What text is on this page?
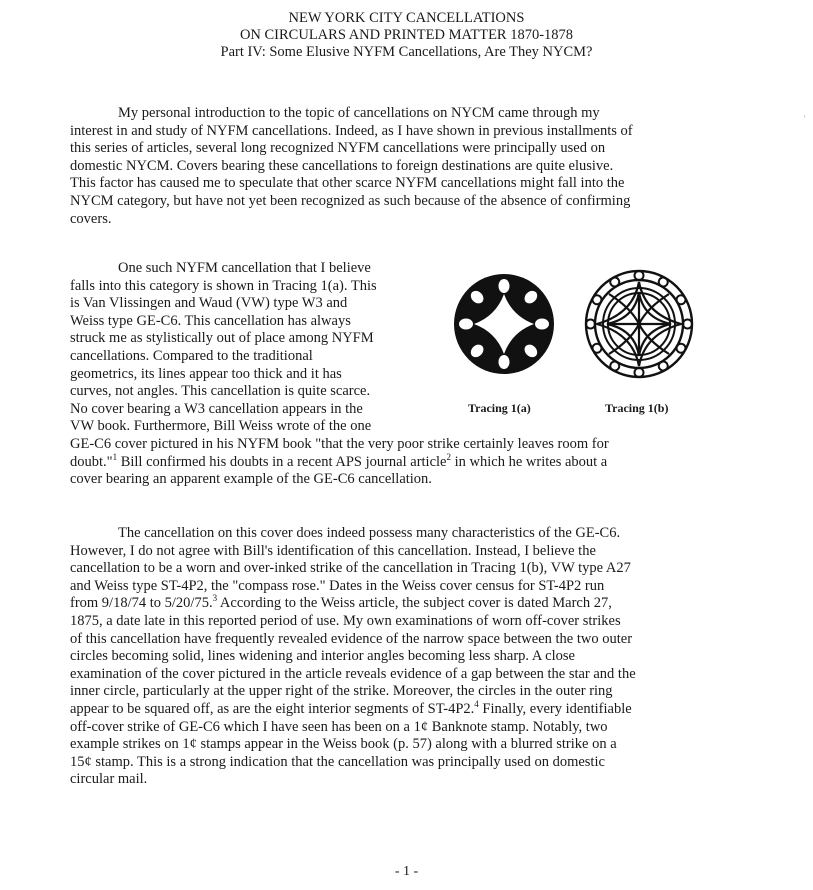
NEW YORK CITY CANCELLATIONS
ON CIRCULARS AND PRINTED MATTER 1870-1878
Part IV: Some Elusive NYFM Cancellations, Are They NYCM?
My personal introduction to the topic of cancellations on NYCM came through my
interest in and study of NYFM cancellations. Indeed, as I have shown in previous installments of
this series of articles, several long recognized NYFM cancellations were principally used on
domestic NYCM. Covers bearing these cancellations to foreign destinations are quite elusive.
This factor has caused me to speculate that other scarce NYFM cancellations might fall into the
NYCM category, but have not yet been recognized as such because of the absence of confirming
covers.
One such NYFM cancellation that I believe
falls into this category is shown in Tracing 1(a). This
is Van Vlissingen and Waud (VW) type W3 and
Weiss type GE-C6. This cancellation has always
struck me as stylistically out of place among NYFM
cancellations. Compared to the traditional
geometrics, its lines appear too thick and it has
curves, not angles. This cancellation is quite scarce.
No cover bearing a W3 cancellation appears in the
VW book. Furthermore, Bill Weiss wrote of the one
GE-C6 cover pictured in his NYFM book "that the very poor strike certainly leaves room for
doubt."$^1$ Bill confirmed his doubts in a recent APS journal article$^2$ in which he writes about a
cover bearing an apparent example of the GE-C6 cancellation.
Tracing 1(a)	Tracing 1(b)
The cancellation on this cover does indeed possess many characteristics of the GE-C6.
However, I do not agree with Bill's identification of this cancellation. Instead, I believe the
cancellation to be a worn and over-inked strike of the cancellation in Tracing 1(b), VW type A27
and Weiss type ST-4P2, the "compass rose." Dates in the Weiss cover census for ST-4P2 run
from 9/18/74 to 5/20/75.$^3$ According to the Weiss article, the subject cover is dated March 27,
1875, a date late in this reported period of use. My own examinations of worn off-cover strikes
of this cancellation have frequently revealed evidence of the narrow space between the two outer
circles becoming solid, lines widening and interior angles becoming less sharp. A close
examination of the cover pictured in the article reveals evidence of a gap between the star and the
inner circle, particularly at the upper right of the strike. Moreover, the circles in the outer ring
appear to be squared off, as are the eight interior segments of ST-4P2.$^4$ Finally, every identifiable
off-cover strike of GE-C6 which I have seen has been on a 1¢ Banknote stamp. Notably, two
example strikes on 1¢ stamps appear in the Weiss book (p. 57) along with a blurred strike on a
15¢ stamp. This is a strong indication that the cancellation was principally used on domestic
circular mail.
- 1 -
'
